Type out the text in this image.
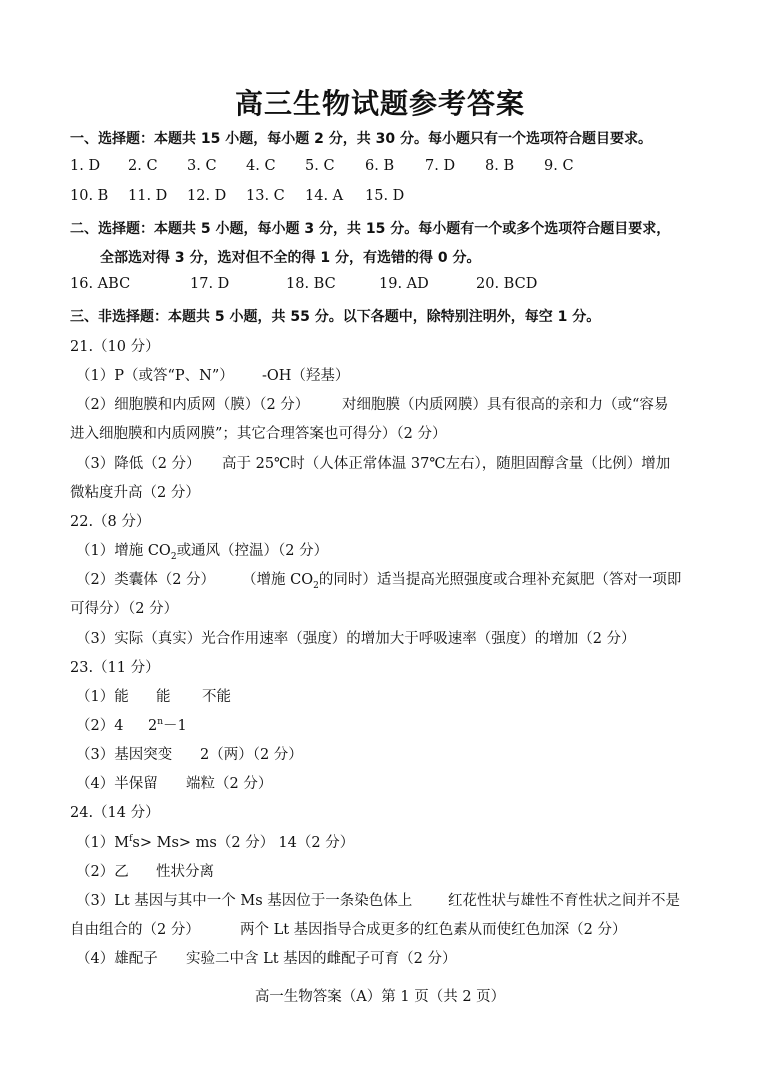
高三生物试题参考答案
一、选择题：本题共 15 小题，每小题 2 分，共 30 分。每小题只有一个选项符合题目要求。
1. D 2. C 3. C 4. C 5. C 6. B 7. D 8. B 9. C
10. B 11. D 12. D 13. C 14. A 15. D
二、选择题：本题共 5 小题，每小题 3 分，共 15 分。每小题有一个或多个选项符合题目要求，
全部选对得 3 分，选对但不全的得 1 分，有选错的得 0 分。
16. ABC	17. D	18. BC	19. AD	20. BCD
三、非选择题：本题共 5 小题，共 55 分。以下各题中，除特别注明外，每空 1 分。
21.（10 分）
（1）P（或答“P、N”） -OH（羟基）
（2）细胞膜和内质网（膜）（2 分） 对细胞膜（内质网膜）具有很高的亲和力（或“容易
进入细胞膜和内质网膜”；其它合理答案也可得分）（2 分）
（3）降低（2 分） 高于 25℃时（人体正常体温 37℃左右），随胆固醇含量（比例）增加
微粘度升高（2 分）
22.（8 分）
（1）增施 $CO_2$或通风（控温）（2 分）
（2）类囊体（2 分） （增施 $CO_2$的同时）适当提高光照强度或合理补充氮肥（答对一项即
可得分）（2 分）
（3）实际（真实）光合作用速率（强度）的增加大于呼吸速率（强度）的增加（2 分）
23.（11 分）
（1）能 能 不能
（2）4 $2^n-1$
（3）基因突变 2（两）（2 分）
（4）半保留 端粒（2 分）
24.（14 分）
$(1)M^fs> Ms> ms(2$ 分） 14（2 分）
（2）乙 性状分离
（3）Lt 基因与其中一个 Ms 基因位于一条染色体上 红花性状与雄性不育性状之间并不是
自由组合的（2 分）	两个 Lt 基因指导合成更多的红色素从而使红色加深（2 分）
（4）雄配子 实验二中含 Lt 基因的雌配子可育（2 分）
高一生物答案（A）第 1 页（共 2 页）
